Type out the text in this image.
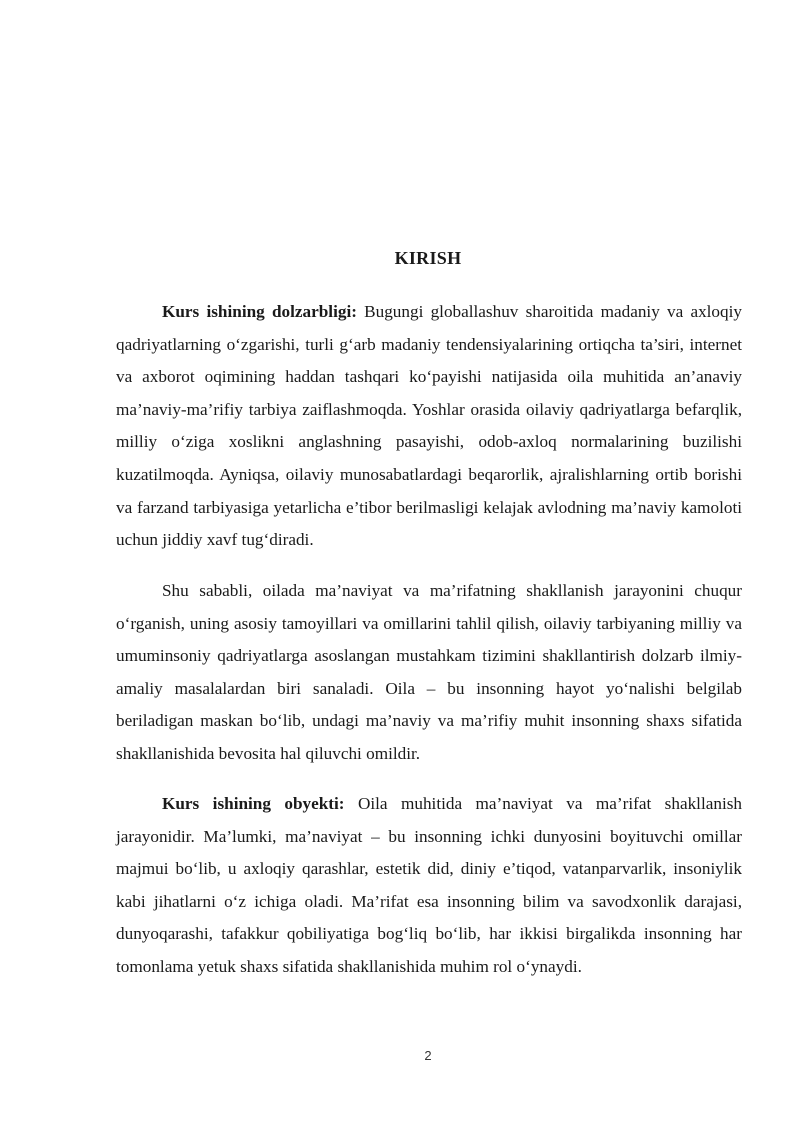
KIRISH

Kurs ishining dolzarbligi: Bugungi globallashuv sharoitida madaniy va axloqiy qadriyatlarning o‘zgarishi, turli g‘arb madaniy tendensiyalarining ortiqcha ta’siri, internet va axborot oqimining haddan tashqari ko‘payishi natijasida oila muhitida an’anaviy ma’naviy-ma’rifiy tarbiya zaiflashmoqda. Yoshlar orasida oilaviy qadriyatlarga befarqlik, milliy o‘ziga xoslikni anglashning pasayishi, odob-axloq normalarining buzilishi kuzatilmoqda. Ayniqsa, oilaviy munosabatlardagi beqarorlik, ajralishlarning ortib borishi va farzand tarbiyasiga yetarlicha e’tibor berilmasligi kelajak avlodning ma’naviy kamoloti uchun jiddiy xavf tug‘diradi.

Shu sababli, oilada ma’naviyat va ma’rifatning shakllanish jarayonini chuqur o‘rganish, uning asosiy tamoyillari va omillarini tahlil qilish, oilaviy tarbiyaning milliy va umuminsoniy qadriyatlarga asoslangan mustahkam tizimini shakllantirish dolzarb ilmiy-amaliy masalalardan biri sanaladi. Oila – bu insonning hayot yo‘nalishi belgilab beriladigan maskan bo‘lib, undagi ma’naviy va ma’rifiy muhit insonning shaxs sifatida shakllanishida bevosita hal qiluvchi omildir.

Kurs ishining obyekti: Oila muhitida ma’naviyat va ma’rifat shakllanish jarayonidir. Ma’lumki, ma’naviyat – bu insonning ichki dunyosini boyituvchi omillar majmui bo‘lib, u axloqiy qarashlar, estetik did, diniy e’tiqod, vatanparvarlik, insoniylik kabi jihatlarni o‘z ichiga oladi. Ma’rifat esa insonning bilim va savodxonlik darajasi, dunyoqarashi, tafakkur qobiliyatiga bog‘liq bo‘lib, har ikkisi birgalikda insonning har tomonlama yetuk shaxs sifatida shakllanishida muhim rol o‘ynaydi.

2
